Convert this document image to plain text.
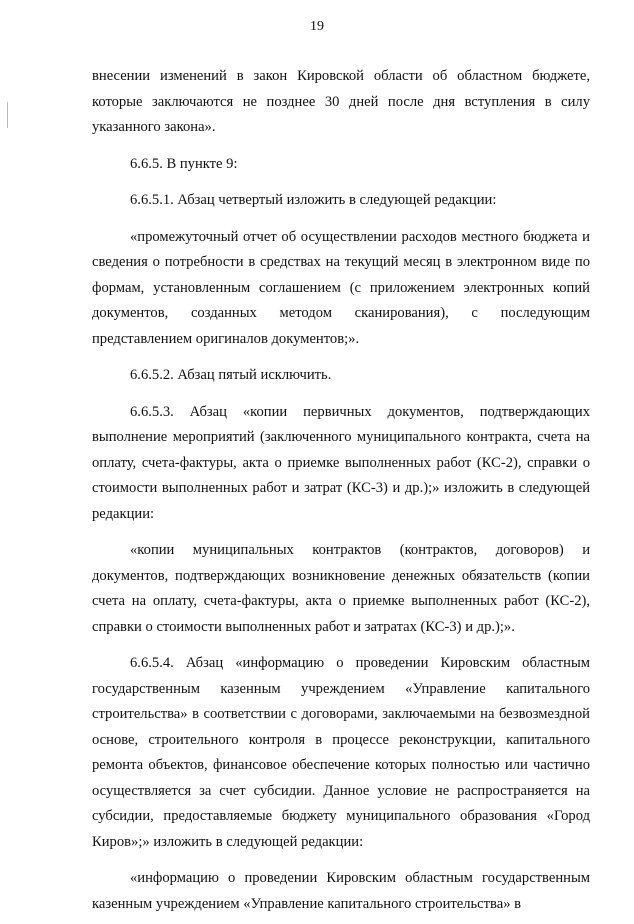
19

внесении изменений в закон Кировской области об областном бюджете, которые заключаются не позднее 30 дней после дня вступления в силу указанного закона».

6.6.5. В пункте 9:

6.6.5.1. Абзац четвертый изложить в следующей редакции:

«промежуточный отчет об осуществлении расходов местного бюджета и сведения о потребности в средствах на текущий месяц в электронном виде по формам, установленным соглашением (с приложением электронных копий документов, созданных методом сканирования), с последующим представлением оригиналов документов;».

6.6.5.2. Абзац пятый исключить.

6.6.5.3. Абзац «копии первичных документов, подтверждающих выполнение мероприятий (заключенного муниципального контракта, счета на оплату, счета-фактуры, акта о приемке выполненных работ (КС-2), справки о стоимости выполненных работ и затрат (КС-3) и др.);» изложить в следующей редакции:

«копии муниципальных контрактов (контрактов, договоров) и документов, подтверждающих возникновение денежных обязательств (копии счета на оплату, счета-фактуры, акта о приемке выполненных работ (КС-2), справки о стоимости выполненных работ и затратах (КС-3) и др.);».

6.6.5.4. Абзац «информацию о проведении Кировским областным государственным казенным учреждением «Управление капитального строительства» в соответствии с договорами, заключаемыми на безвозмездной основе, строительного контроля в процессе реконструкции, капитального ремонта объектов, финансовое обеспечение которых полностью или частично осуществляется за счет субсидии. Данное условие не распространяется на субсидии, предоставляемые бюджету муниципального образования «Город Киров»;» изложить в следующей редакции:

«информацию о проведении Кировским областным государственным казенным учреждением «Управление капитального строительства» в
